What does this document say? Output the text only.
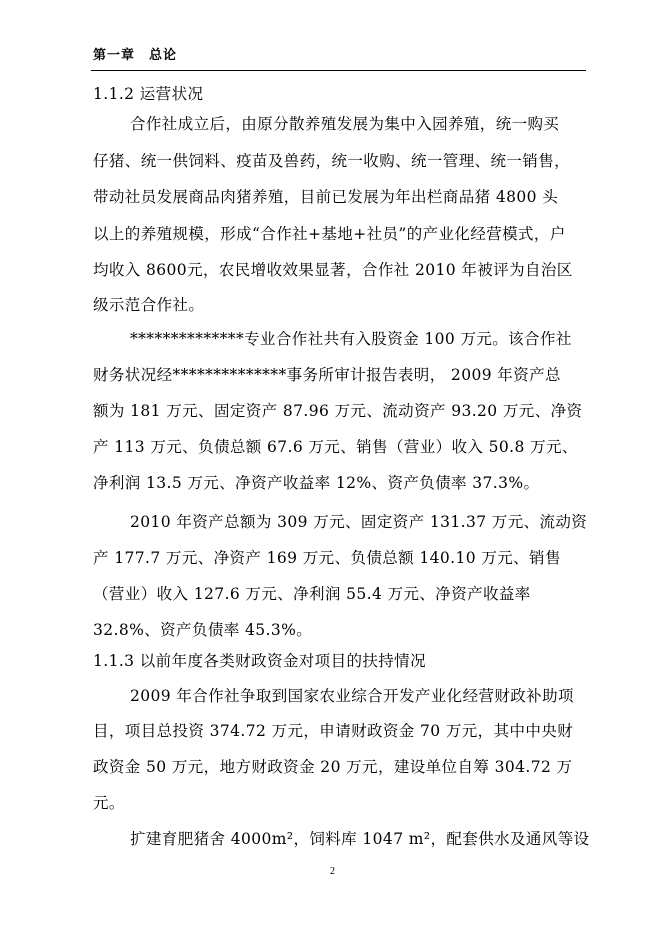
第一章 总论
1.1.2 运营状况
合作社成立后，由原分散养殖发展为集中入园养殖，统一购买
仔猪、统一供饲料、疫苗及兽药，统一收购、统一管理、统一销售，
带动社员发展商品肉猪养殖，目前已发展为年出栏商品猪 4800 头
以上的养殖规模，形成“合作社+基地+社员”的产业化经营模式，户
均收入 8600元，农民增收效果显著，合作社 2010 年被评为自治区
级示范合作社。
**************专业合作社共有入股资金 100 万元。该合作社
财务状况经**************事务所审计报告表明， 2009 年资产总
额为 181 万元、固定资产 87.96 万元、流动资产 93.20 万元、净资
产 113 万元、负债总额 67.6 万元、销售（营业）收入 50.8 万元、
净利润 13.5 万元、净资产收益率 12%、资产负债率 37.3%。
2010 年资产总额为 309 万元、固定资产 131.37 万元、流动资
产 177.7 万元、净资产 169 万元、负债总额 140.10 万元、销售
（营业）收入 127.6 万元、净利润 55.4 万元、净资产收益率
32.8%、资产负债率 45.3%。
1.1.3 以前年度各类财政资金对项目的扶持情况
2009 年合作社争取到国家农业综合开发产业化经营财政补助项
目，项目总投资 374.72 万元，申请财政资金 70 万元，其中中央财
政资金 50 万元，地方财政资金 20 万元，建设单位自筹 304.72 万
元。
扩建育肥猪舍 4000m²，饲料库 1047 m²，配套供水及通风等设
2
